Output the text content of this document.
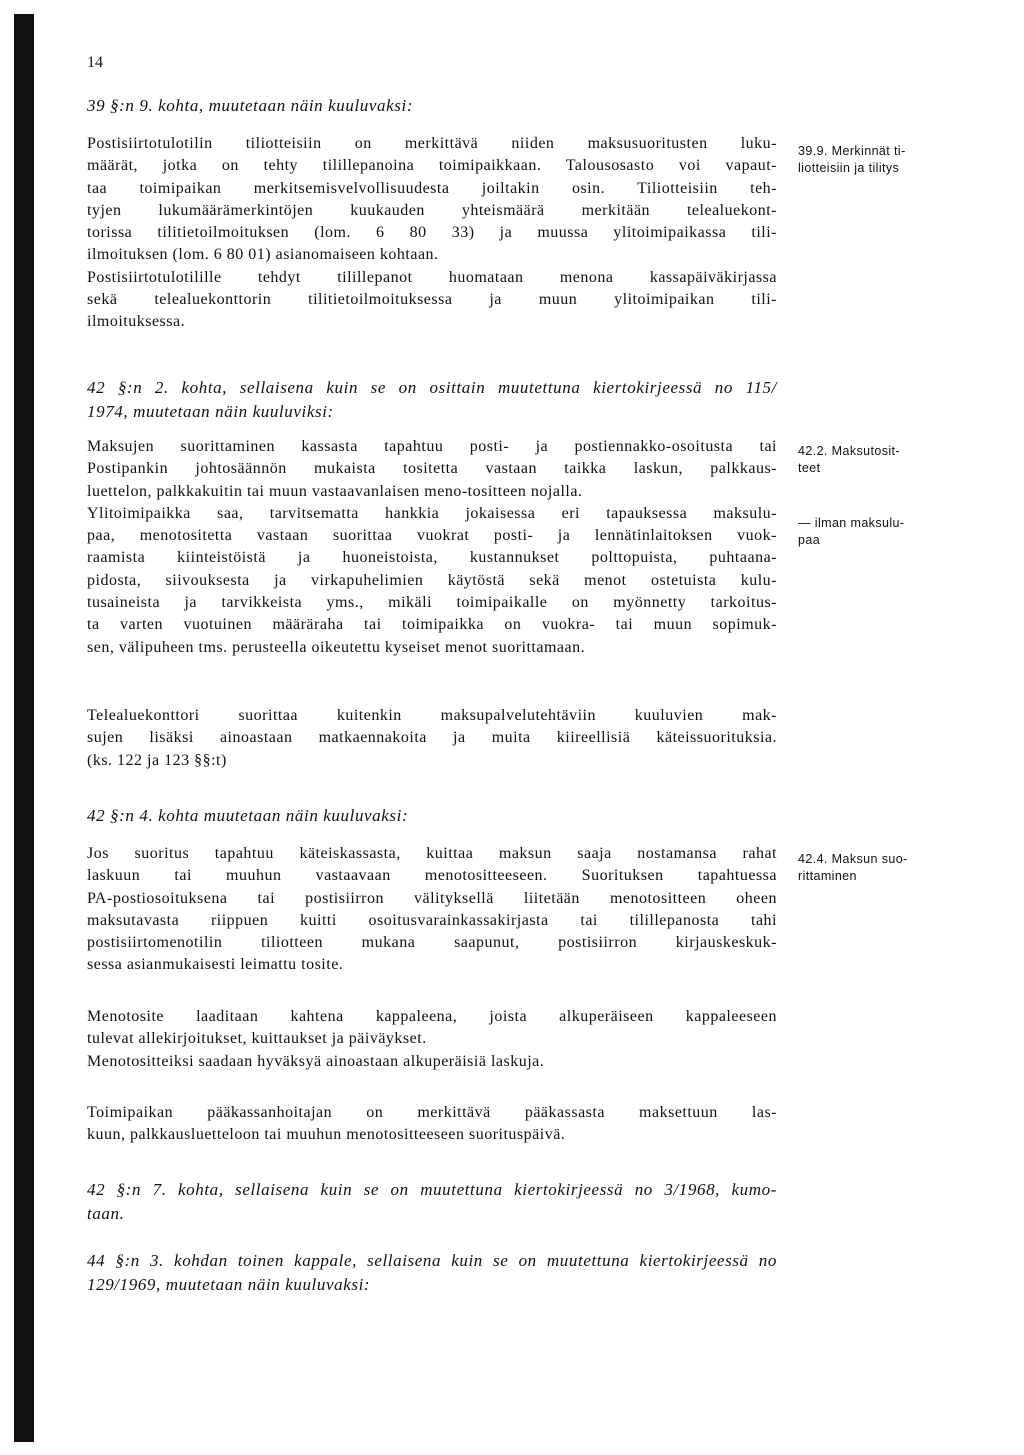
14
39 §:n 9. kohta, muutetaan näin kuuluvaksi:
Postisiirtotulotilin tiliotteisiin on merkittävä niiden maksusuoritusten luku-
määrät, jotka on tehty tilillepanoina toimipaikkaan. Talousosasto voi vapaut-
taa toimipaikan merkitsemisvelvollisuudesta joiltakin osin. Tiliotteisiin teh-
tyjen lukumäärämerkintöjen kuukauden yhteismäärä merkitään telealuekont-
torissa tilitietoilmoituksen (lom. 6 80 33) ja muussa ylitoimipaikassa tili-
ilmoituksen (lom. 6 80 01) asianomaiseen kohtaan.
Postisiirtotulotilille tehdyt tilillepanot huomataan menona kassapäiväkirjassa
sekä telealuekonttorin tilitietoilmoituksessa ja muun ylitoimipaikan tili-
ilmoituksessa.
42 §:n 2. kohta, sellaisena kuin se on osittain muutettuna kiertokirjeessä no 115/
1974, muutetaan näin kuuluviksi:
Maksujen suorittaminen kassasta tapahtuu posti- ja postiennakko-osoitusta tai
Postipankin johtosäännön mukaista tositetta vastaan taikka laskun, palkkaus-
luettelon, palkkakuitin tai muun vastaavanlaisen meno-tositteen nojalla.
Ylitoimipaikka saa, tarvitsematta hankkia jokaisessa eri tapauksessa maksulu-
paa, menotositetta vastaan suorittaa vuokrat posti- ja lennätinlaitoksen vuok-
raamista kiinteistöistä ja huoneistoista, kustannukset polttopuista, puhtaana-
pidosta, siivouksesta ja virkapuhelimien käytöstä sekä menot ostetuista kulu-
tusaineista ja tarvikkeista yms., mikäli toimipaikalle on myönnetty tarkoitus-
ta varten vuotuinen määräraha tai toimipaikka on vuokra- tai muun sopimuk-
sen, välipuheen tms. perusteella oikeutettu kyseiset menot suorittamaan.
Telealuekonttori suorittaa kuitenkin maksupalvelutehtäviin kuuluvien mak-
sujen lisäksi ainoastaan matkaennakoita ja muita kiireellisiä käteissuorituksia.
(ks. 122 ja 123 §§:t)
42 §:n 4. kohta muutetaan näin kuuluvaksi:
Jos suoritus tapahtuu käteiskassasta, kuittaa maksun saaja nostamansa rahat
laskuun tai muuhun vastaavaan menotositteeseen. Suorituksen tapahtuessa
PA-postiosoituksena tai postisiirron välityksellä liitetään menotositteen oheen
maksutavasta riippuen kuitti osoitusvarainkassakirjasta tai tilillepanosta tahi
postisiirtomenotilin tiliotteen mukana saapunut, postisiirron kirjauskeskuk-
sessa asianmukaisesti leimattu tosite.
Menotosite laaditaan kahtena kappaleena, joista alkuperäiseen kappaleeseen
tulevat allekirjoitukset, kuittaukset ja päiväykset.
Menotositteiksi saadaan hyväksyä ainoastaan alkuperäisiä laskuja.
Toimipaikan pääkassanhoitajan on merkittävä pääkassasta maksettuun las-
kuun, palkkausluetteloon tai muuhun menotositteeseen suorituspäivä.
42 §:n 7. kohta, sellaisena kuin se on muutettuna kiertokirjeessä no 3/1968, kumo-
taan.
44 §:n 3. kohdan toinen kappale, sellaisena kuin se on muutettuna kiertokirjeessä no
129/1969, muutetaan näin kuuluvaksi:
39.9. Merkinnät ti-
liotteisiin ja tilitys
42.2. Maksutosit-
teet
— ilman maksulu-
paa
42.4. Maksun suo-
rittaminen
